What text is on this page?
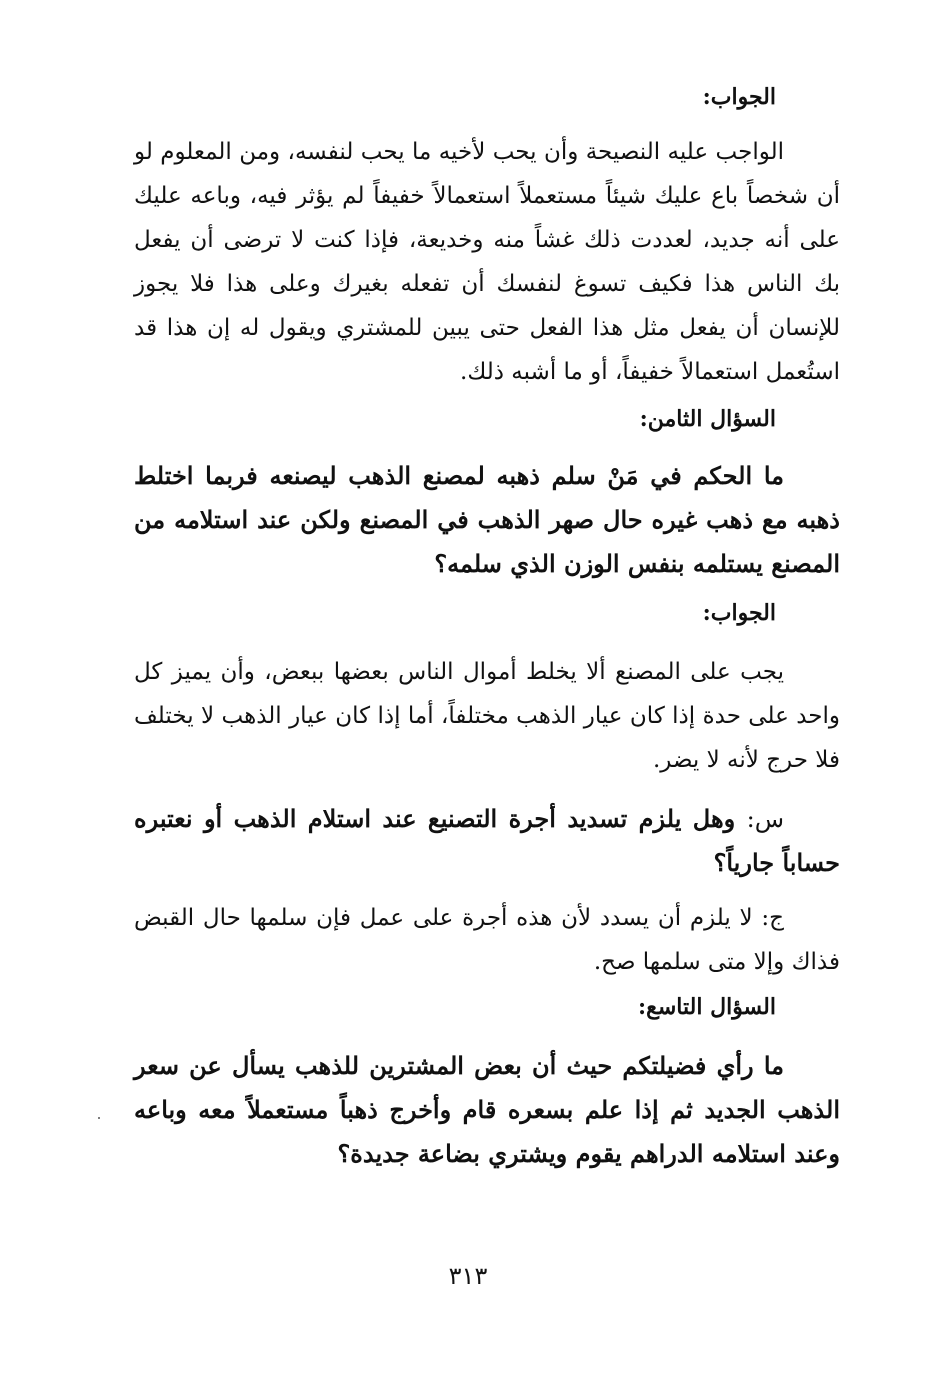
الجواب:

الواجب عليه النصيحة وأن يحب لأخيه ما يحب لنفسه، ومن المعلوم لو أن شخصاً باع عليك شيئاً مستعملاً استعمالاً خفيفاً لم يؤثر فيه، وباعه عليك على أنه جديد، لعددت ذلك غشاً منه وخديعة، فإذا كنت لا ترضى أن يفعل بك الناس هذا فكيف تسوغ لنفسك أن تفعله بغيرك وعلى هذا فلا يجوز للإنسان أن يفعل مثل هذا الفعل حتى يبين للمشتري ويقول له إن هذا قد استُعمل استعمالاً خفيفاً، أو ما أشبه ذلك.

السؤال الثامن:

ما الحكم في مَنْ سلم ذهبه لمصنع الذهب ليصنعه فربما اختلط ذهبه مع ذهب غيره حال صهر الذهب في المصنع ولكن عند استلامه من المصنع يستلمه بنفس الوزن الذي سلمه؟

الجواب:

يجب على المصنع ألا يخلط أموال الناس بعضها ببعض، وأن يميز كل واحد على حدة إذا كان عيار الذهب مختلفاً، أما إذا كان عيار الذهب لا يختلف فلا حرج لأنه لا يضر.

س: وهل يلزم تسديد أجرة التصنيع عند استلام الذهب أو نعتبره حساباً جارياً؟

ج: لا يلزم أن يسدد لأن هذه أجرة على عمل فإن سلمها حال القبض فذاك وإلا متى سلمها صح.

السؤال التاسع:

ما رأي فضيلتكم حيث أن بعض المشترين للذهب يسأل عن سعر الذهب الجديد ثم إذا علم بسعره قام وأخرج ذهباً مستعملاً معه وباعه وعند استلامه الدراهم يقوم ويشتري بضاعة جديدة؟

٣١٣
